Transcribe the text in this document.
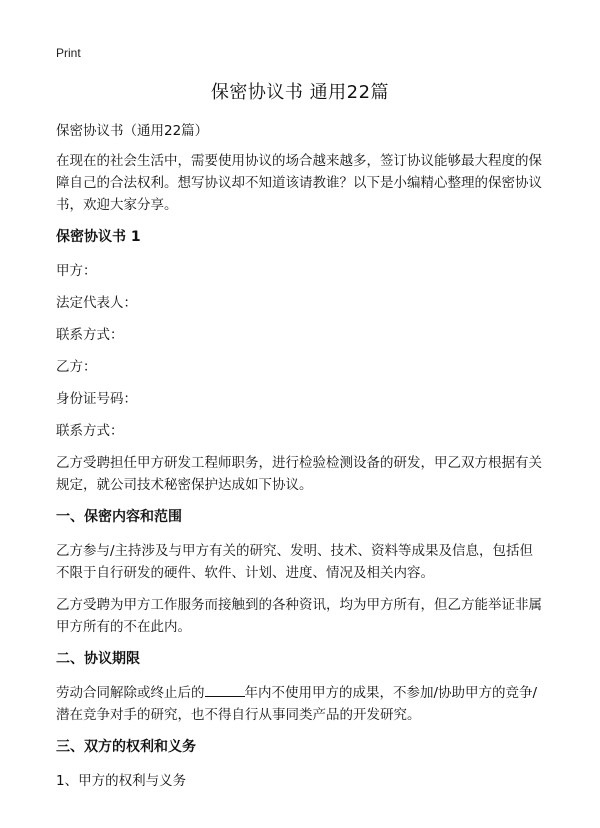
Print
保密协议书 通用22篇

保密协议书（通用22篇）

在现在的社会生活中，需要使用协议的场合越来越多，签订协议能够最大程度的保障自己的合法权利。想写协议却不知道该请教谁？以下是小编精心整理的保密协议书，欢迎大家分享。

保密协议书 1

甲方：

法定代表人：

联系方式：

乙方：

身份证号码：

联系方式：

乙方受聘担任甲方研发工程师职务，进行检验检测设备的研发，甲乙双方根据有关规定，就公司技术秘密保护达成如下协议。

一、保密内容和范围

乙方参与/主持涉及与甲方有关的研究、发明、技术、资料等成果及信息，包括但不限于自行研发的硬件、软件、计划、进度、情况及相关内容。

乙方受聘为甲方工作服务而接触到的各种资讯，均为甲方所有，但乙方能举证非属甲方所有的不在此内。

二、协议期限

劳动合同解除或终止后的	年内不使用甲方的成果，不参加/协助甲方的竞争/潜在竞争对手的研究，也不得自行从事同类产品的开发研究。

三、双方的权利和义务

1、甲方的权利与义务
